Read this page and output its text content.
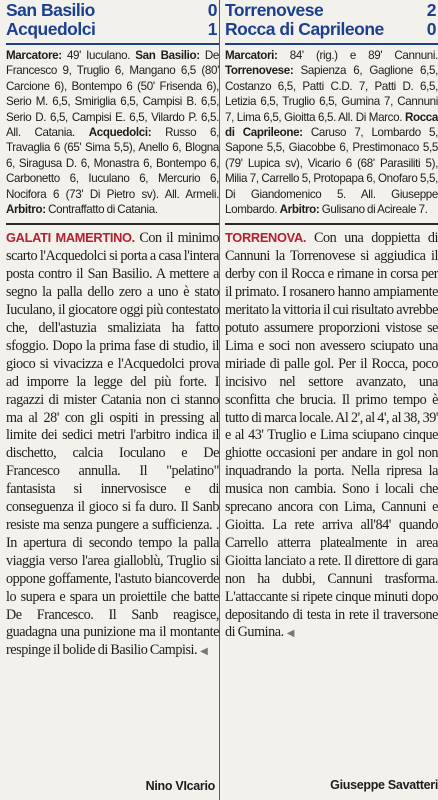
San Basilio	0
Acquedolci	1

Marcatore: 49' Iuculano. San Basilio: De Francesco 9, Truglio 6, Mangano 6,5 (80' Carcione 6), Bontempo 6 (50' Frisenda 6), Serio M. 6,5, Smiriglia 6,5, Campisi B. 6,5, Serio D. 6,5, Campisi E. 6,5, Vilardo P. 6,5. All. Catania. Acquedolci: Russo 6, Travaglia 6 (65' Sima 5,5), Anello 6, Blogna 6, Siragusa D. 6, Monastra 6, Bontempo 6, Carbonetto 6, Iuculano 6, Mercurio 6, Nocifora 6 (73' Di Pietro sv). All. Armeli. Arbitro: Contraffatto di Catania.

GALATI MAMERTINO. Con il minimo scarto l'Acquedolci si porta a casa l'intera posta contro il San Basilio. A mettere a segno la palla dello zero a uno è stato Iuculano, il giocatore oggi più contestato che, dell'astuzia smaliziata ha fatto sfoggio. Dopo la prima fase di studio, il gioco si vivacizza e l'Acquedolci prova ad imporre la legge del più forte. I ragazzi di mister Catania non ci stanno ma al 28' con gli ospiti in pressing al limite dei sedici metri l'arbitro indica il dischetto, calcia Ioculano e De Francesco annulla. Il "pelatino" fantasista si innervosisce e di conseguenza il gioco si fa duro. Il Sanb resiste ma senza pungere a sufficienza. . In apertura di secondo tempo la palla viaggia verso l'area gialloblù, Truglio si oppone goffamente, l'astuto biancoverde lo supera e spara un proiettile che batte De Francesco. Il Sanb reagisce, guadagna una punizione ma il montante respinge il bolide di Basilio Campisi. ◀

Nino VIcario
Torrenovese	2
Rocca di Caprileone 0

Marcatori: 84' (rig.) e 89' Cannuni. Torrenovese: Sapienza 6, Gaglione 6,5, Costanzo 6,5, Patti C.D. 7, Patti D. 6,5, Letizia 6,5, Truglio 6,5, Gumina 7, Cannuni 7, Lima 6,5, Gioitta 6,5. All. Di Marco. Rocca di Caprileone: Caruso 7, Lombardo 5, Sapone 5,5, Giacobbe 6, Prestimonaco 5,5 (79' Lupica sv), Vicario 6 (68' Parasiliti 5), Milia 7, Carrello 5, Protopapa 6, Onofaro 5,5, Di Giandomenico 5. All. Giuseppe Lombardo. Arbitro: Gulisano di Acireale 7.

TORRENOVA. Con una doppietta di Cannuni la Torrenovese si aggiudica il derby con il Rocca e rimane in corsa per il primato. I rosanero hanno ampiamente meritato la vittoria il cui risultato avrebbe potuto assumere proporzioni vistose se Lima e soci non avessero sciupato una miriade di palle gol. Per il Rocca, poco incisivo nel settore avanzato, una sconfitta che brucia. Il primo tempo è tutto di marca locale. Al 2', al 4', al 38, 39' e al 43' Truglio e Lima sciupano cinque ghiotte occasioni per andare in gol non inquadrando la porta. Nella ripresa la musica non cambia. Sono i locali che sprecano ancora con Lima, Cannuni e Gioitta. La rete arriva all'84' quando Carrello atterra platealmente in area Gioitta lanciato a rete. Il direttore di gara non ha dubbi, Cannuni trasforma. L'attaccante si ripete cinque minuti dopo depositando di testa in rete il traversone di Gumina. ◀

Giuseppe Savatteri
